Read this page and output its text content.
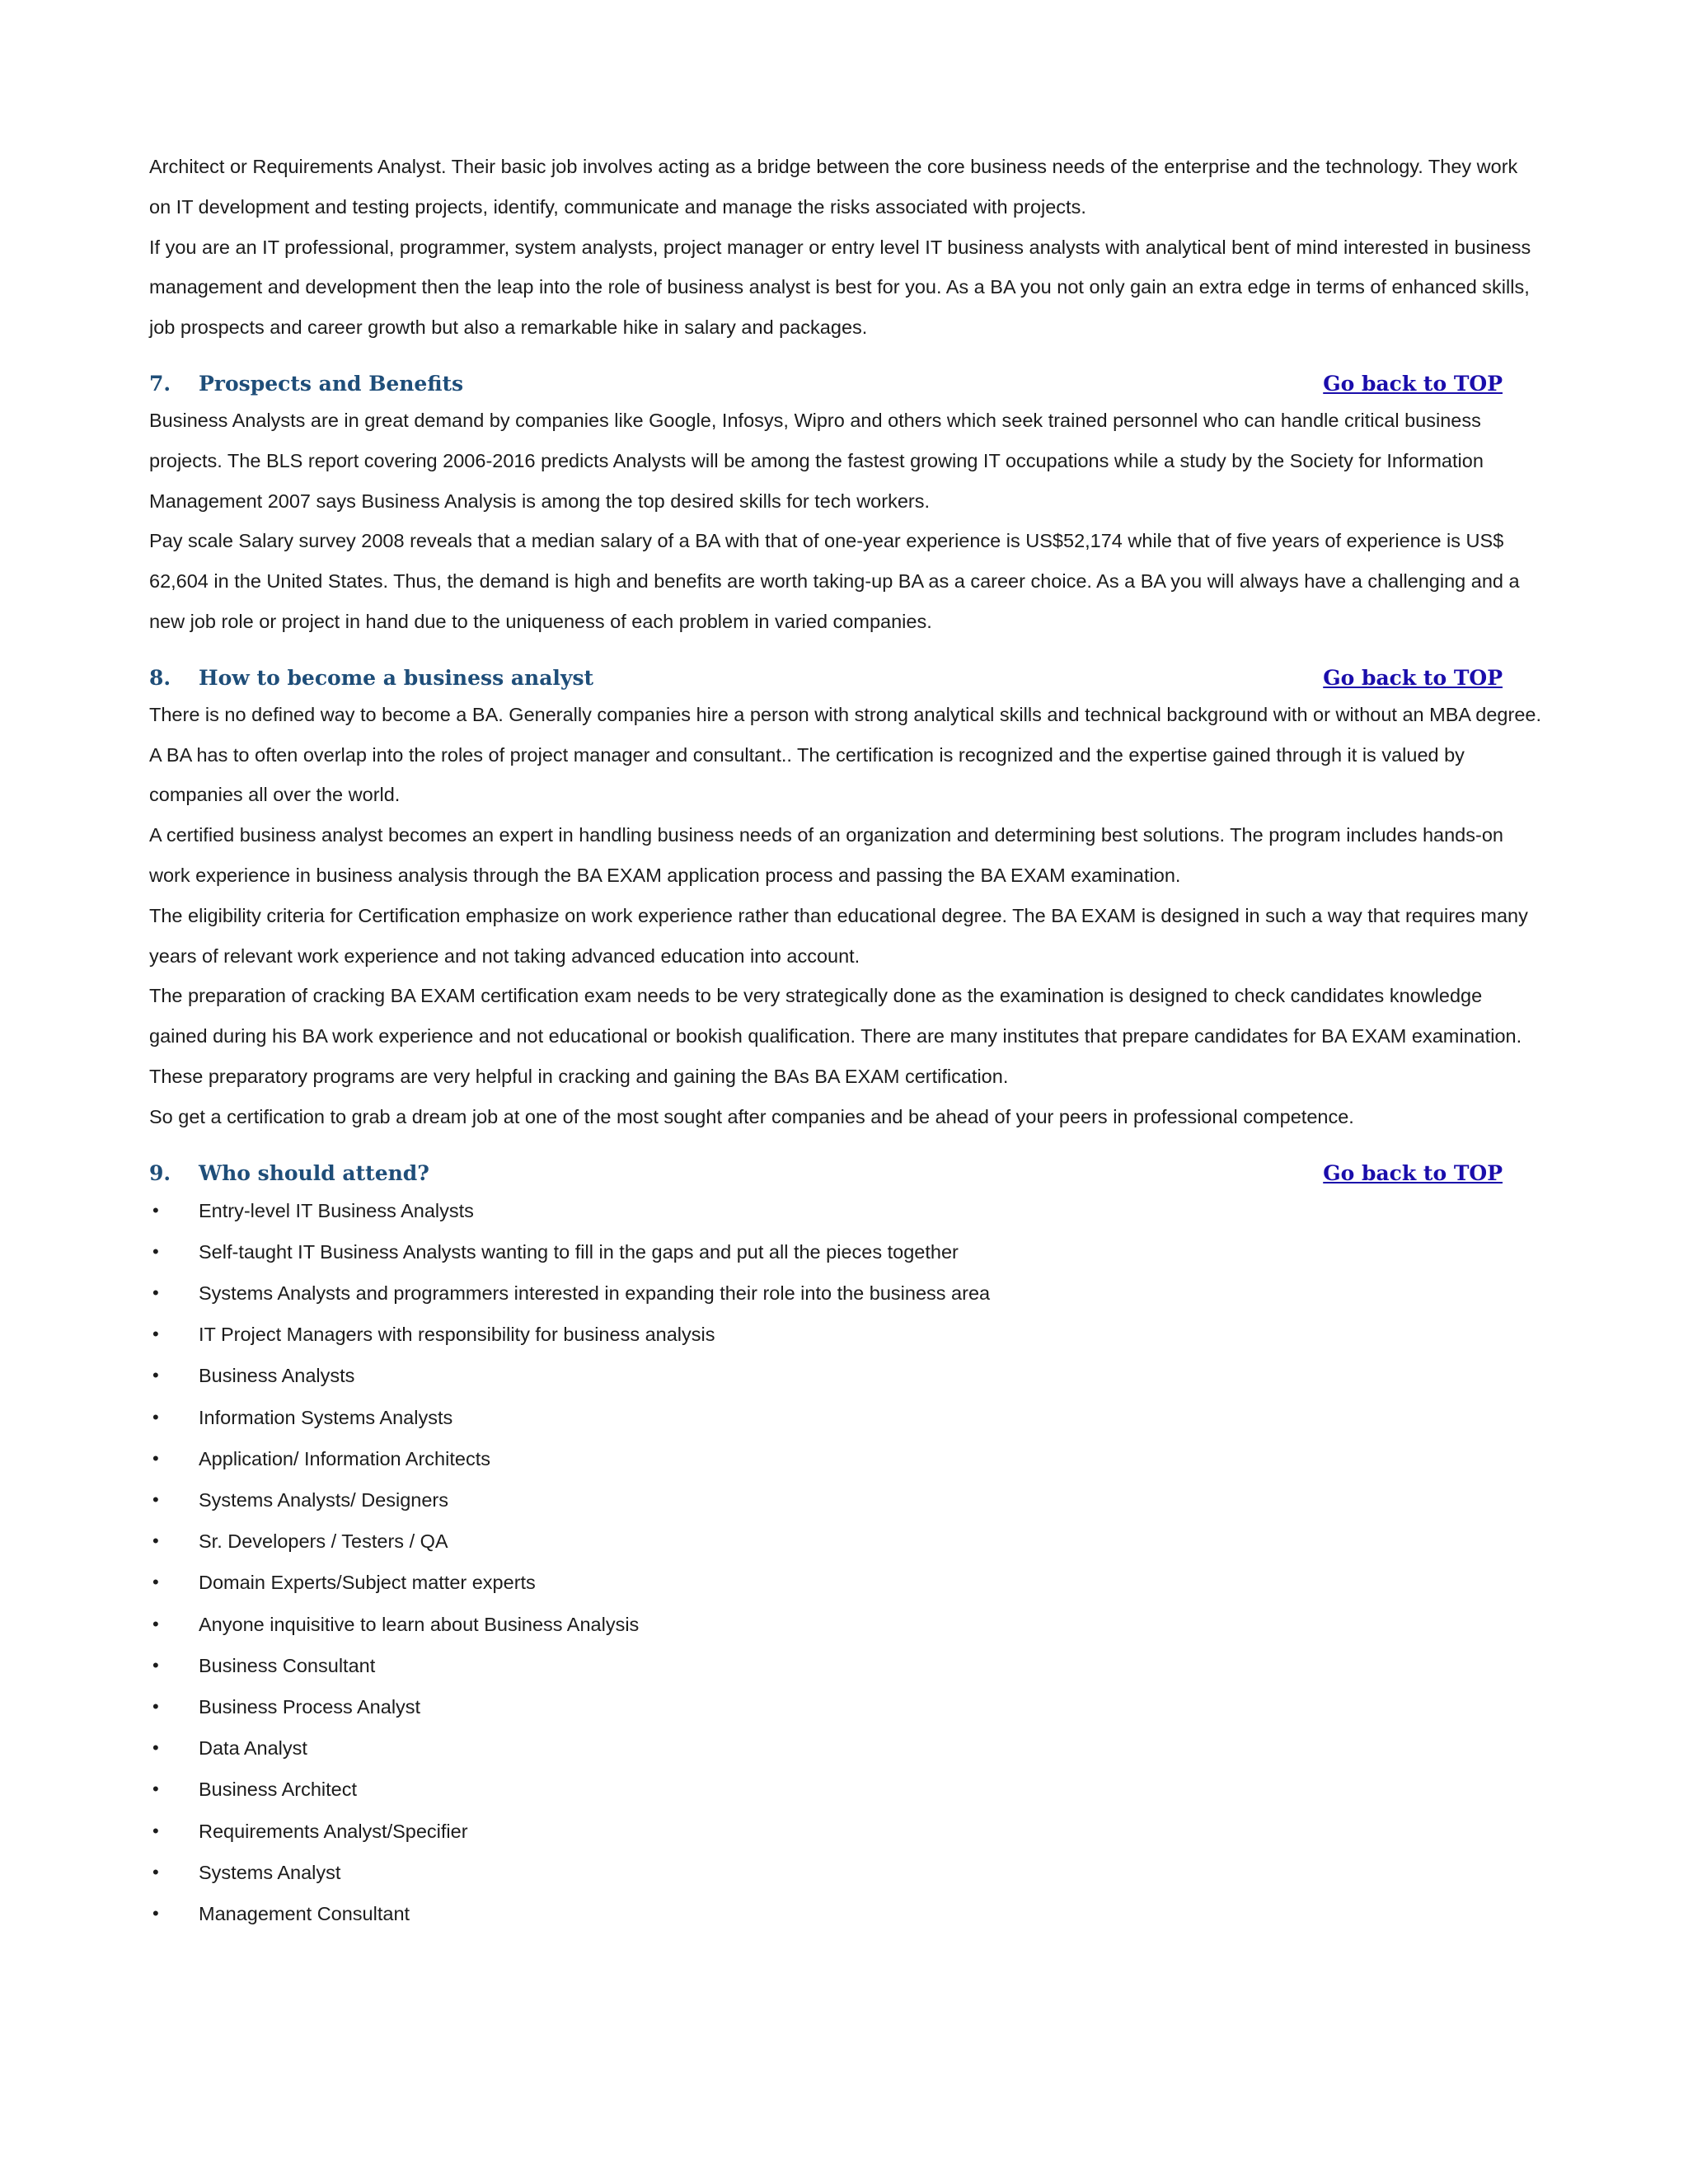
Architect or Requirements Analyst. Their basic job involves acting as a bridge between the core business needs of the enterprise and the technology. They work on IT development and testing projects, identify, communicate and manage the risks associated with projects.

If you are an IT professional, programmer, system analysts, project manager or entry level IT business analysts with analytical bent of mind interested in business management and development then the leap into the role of business analyst is best for you. As a BA you not only gain an extra edge in terms of enhanced skills, job prospects and career growth but also a remarkable hike in salary and packages.

7.	Prospects and Benefits	Go back to TOP

Business Analysts are in great demand by companies like Google, Infosys, Wipro and others which seek trained personnel who can handle critical business projects. The BLS report covering 2006-2016 predicts Analysts will be among the fastest growing IT occupations while a study by the Society for Information Management 2007 says Business Analysis is among the top desired skills for tech workers.

Pay scale Salary survey 2008 reveals that a median salary of a BA with that of one-year experience is US$52,174 while that of five years of experience is US$ 62,604 in the United States. Thus, the demand is high and benefits are worth taking-up BA as a career choice. As a BA you will always have a challenging and a new job role or project in hand due to the uniqueness of each problem in varied companies.

8.	How to become a business analyst	Go back to TOP

There is no defined way to become a BA. Generally companies hire a person with strong analytical skills and technical background with or without an MBA degree. A BA has to often overlap into the roles of project manager and consultant.. The certification is recognized and the expertise gained through it is valued by companies all over the world.

A certified business analyst becomes an expert in handling business needs of an organization and determining best solutions. The program includes hands-on work experience in business analysis through the BA EXAM application process and passing the BA EXAM examination.

The eligibility criteria for Certification emphasize on work experience rather than educational degree. The BA EXAM is designed in such a way that requires many years of relevant work experience and not taking advanced education into account.

The preparation of cracking BA EXAM certification exam needs to be very strategically done as the examination is designed to check candidates knowledge gained during his BA work experience and not educational or bookish qualification. There are many institutes that prepare candidates for BA EXAM examination. These preparatory programs are very helpful in cracking and gaining the BAs BA EXAM certification.

So get a certification to grab a dream job at one of the most sought after companies and be ahead of your peers in professional competence.

9.	Who should attend?	Go back to TOP
• Entry-level IT Business Analysts
• Self-taught IT Business Analysts wanting to fill in the gaps and put all the pieces together
• Systems Analysts and programmers interested in expanding their role into the business area
• IT Project Managers with responsibility for business analysis
• Business Analysts
• Information Systems Analysts
• Application/ Information Architects
• Systems Analysts/ Designers
• Sr. Developers / Testers / QA
• Domain Experts/Subject matter experts
• Anyone inquisitive to learn about Business Analysis
• Business Consultant
• Business Process Analyst
• Data Analyst
• Business Architect
• Requirements Analyst/Specifier
• Systems Analyst
• Management Consultant
